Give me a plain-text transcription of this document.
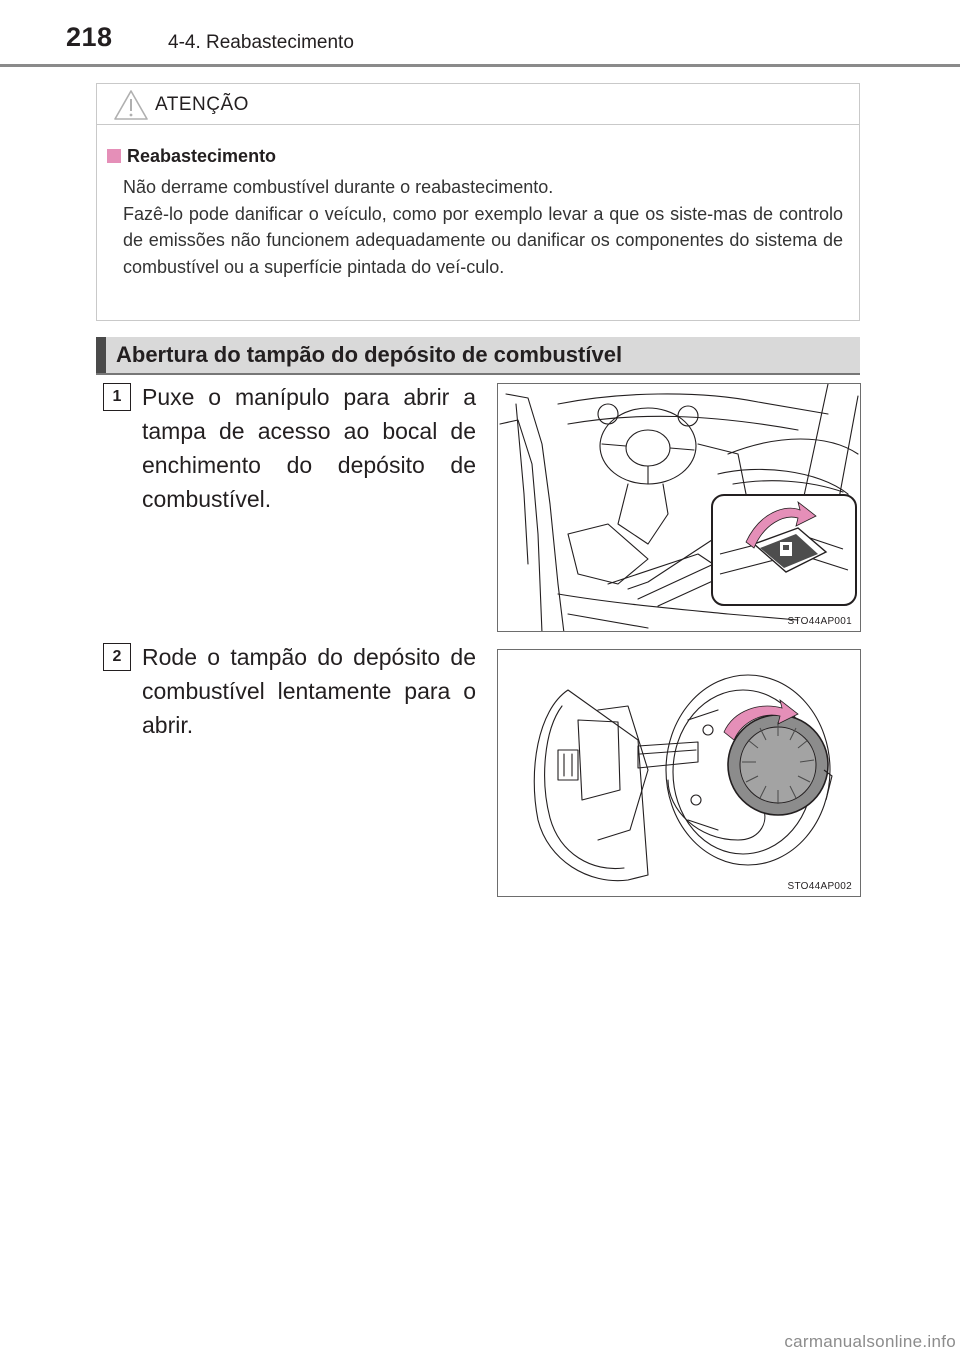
218	4-4. Reabastecimento
ATENÇÃO
Reabastecimento

Não derrame combustível durante o reabastecimento.

Fazê-lo pode danificar o veículo, como por exemplo levar a que os siste-mas de controlo de emissões não funcionem adequadamente ou danificar os componentes do sistema de combustível ou a superfície pintada do veí-culo.

Abertura do tampão do depósito de combustível
1 Puxe o manípulo para abrir a tampa de acesso ao bocal de enchimento do depósito de combustível.
STO44AP001
2 Rode o tampão do depósito de combustível lentamente para o abrir.
STO44AP002
carmanualsonline.info
